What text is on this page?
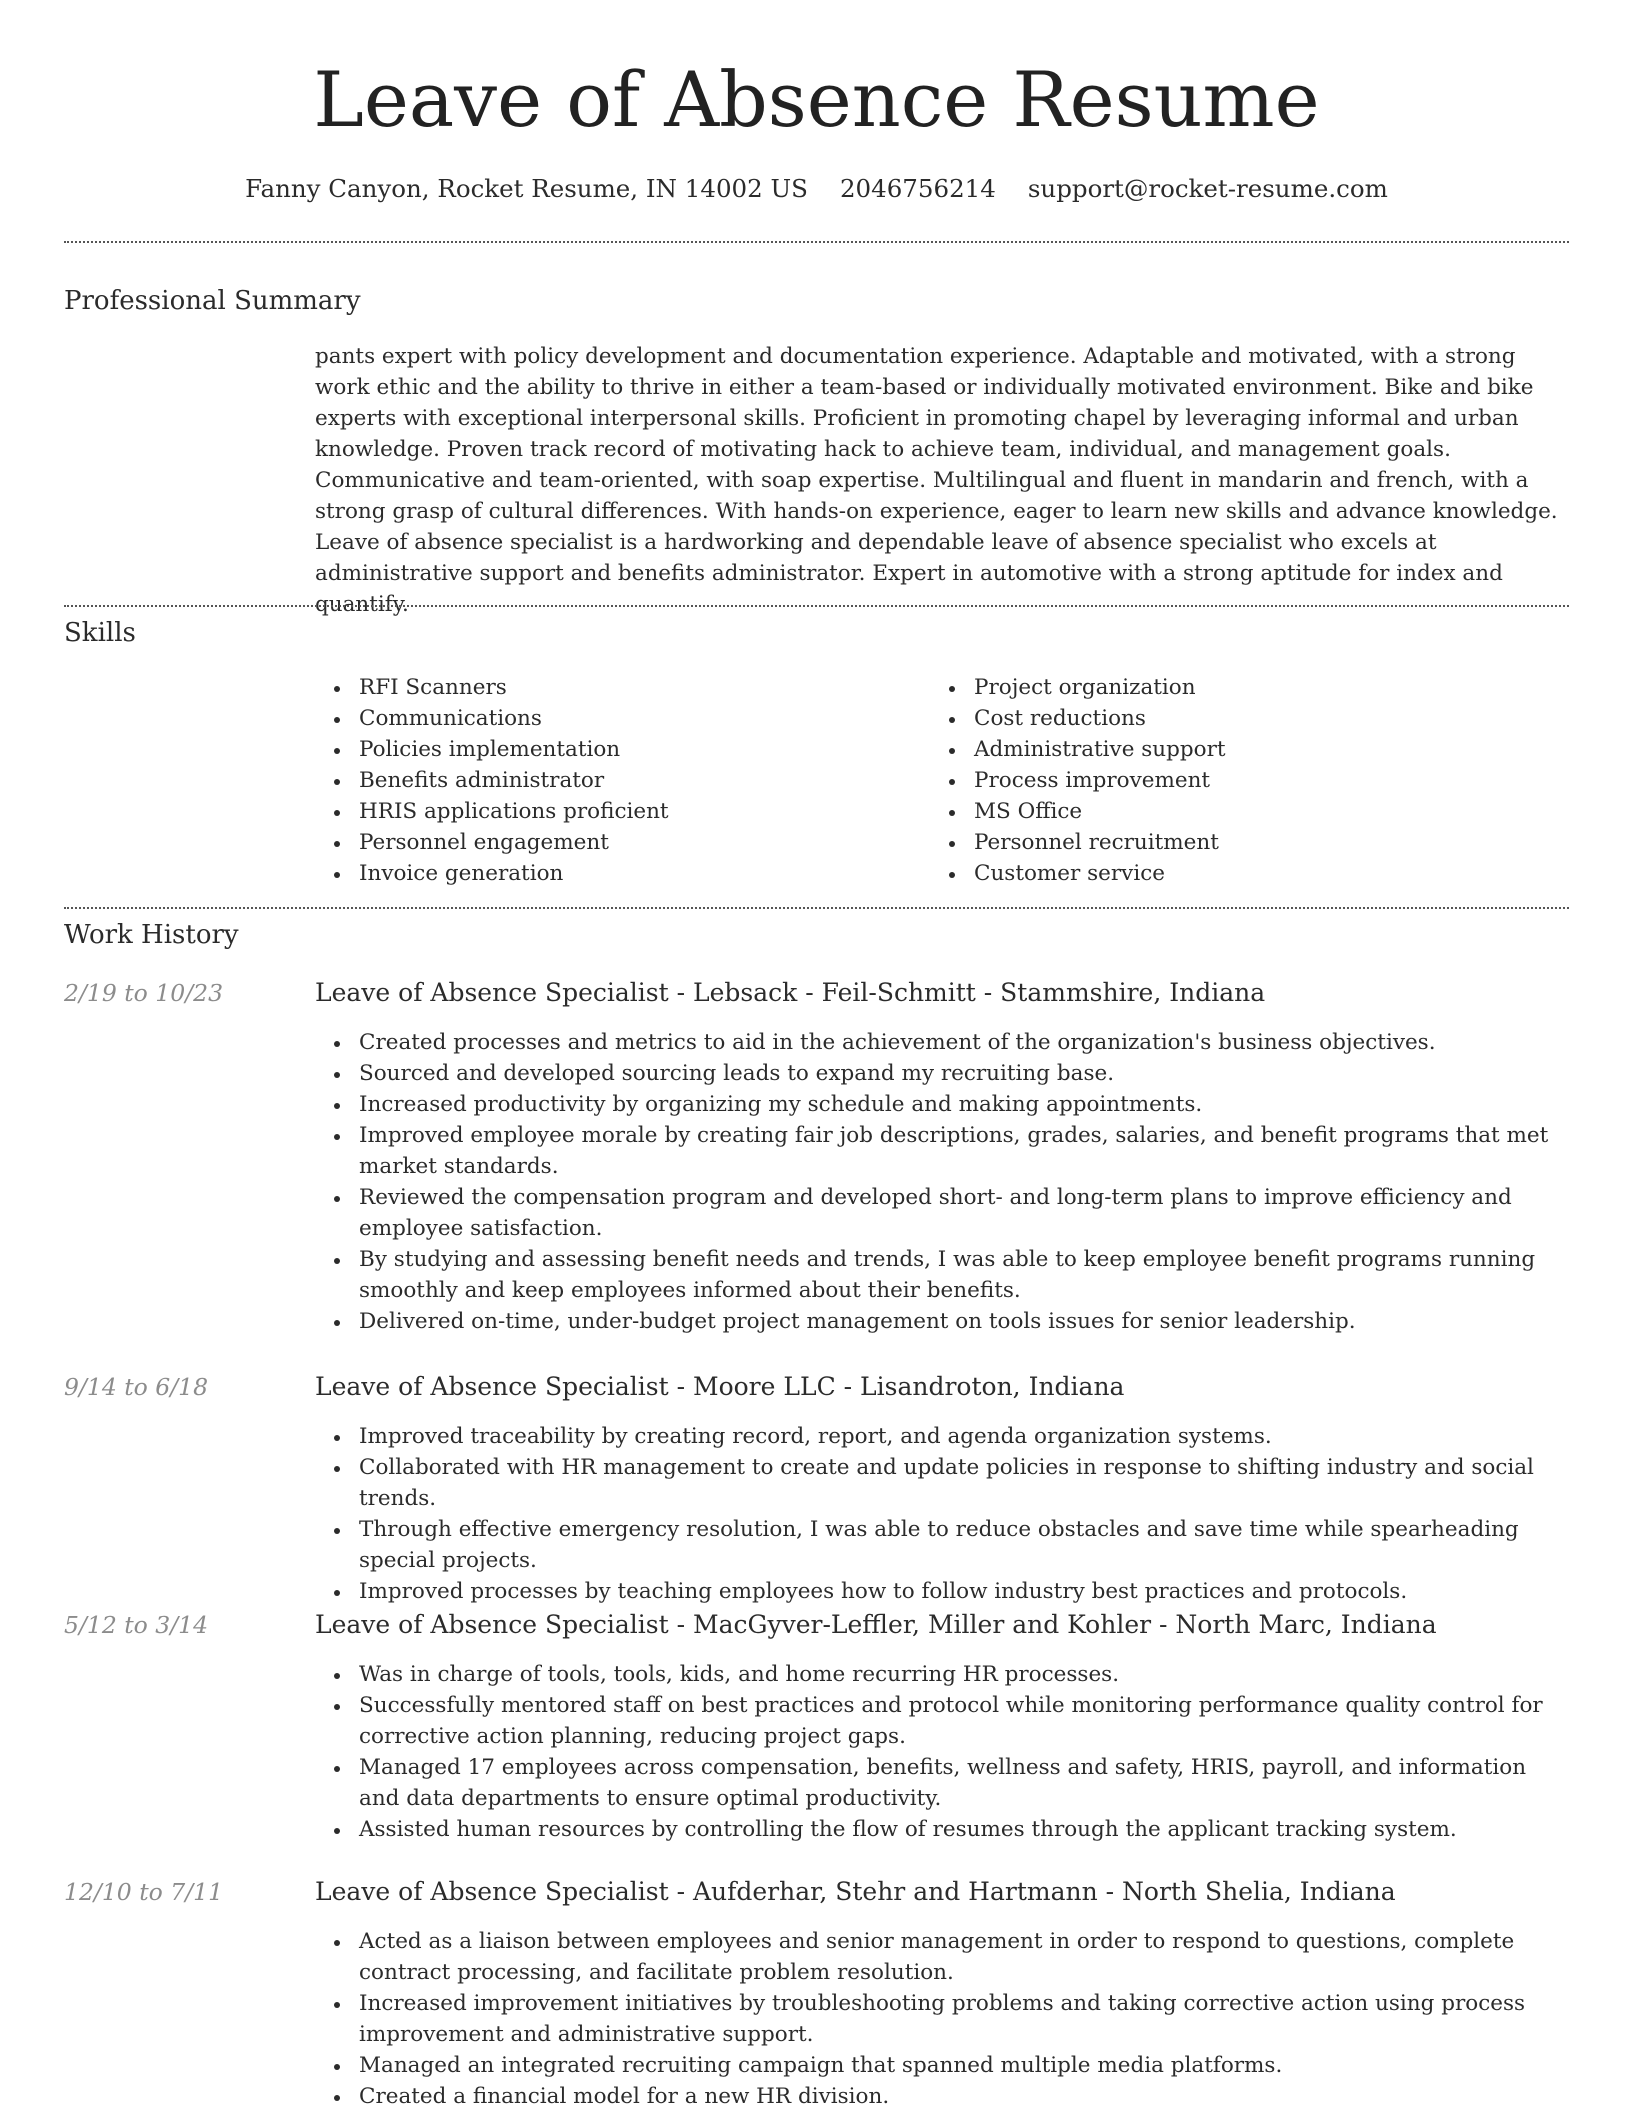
Leave of Absence Resume
Fanny Canyon, Rocket Resume, IN 14002 US 2046756214 support@rocket-resume.com
Professional Summary

pants expert with policy development and documentation experience. Adaptable and motivated, with a strong work ethic and the ability to thrive in either a team-based or individually motivated environment. Bike and bike experts with exceptional interpersonal skills. Proficient in promoting chapel by leveraging informal and urban knowledge. Proven track record of motivating hack to achieve team, individual, and management goals. Communicative and team-oriented, with soap expertise. Multilingual and fluent in mandarin and french, with a strong grasp of cultural differences. With hands-on experience, eager to learn new skills and advance knowledge. Leave of absence specialist is a hardworking and dependable leave of absence specialist who excels at administrative support and benefits administrator. Expert in automotive with a strong aptitude for index and quantify.

Skills
RFI Scanners
Communications
Policies implementation
Benefits administrator
HRIS applications proficient
Personnel engagement
Invoice generation
Project organization
Cost reductions
Administrative support
Process improvement
MS Office
Personnel recruitment
Customer service
Work History
2/19 to 10/23	Leave of Absence Specialist - Lebsack - Feil-Schmitt - Stammshire, Indiana
Created processes and metrics to aid in the achievement of the organization's business objectives.
Sourced and developed sourcing leads to expand my recruiting base.
Increased productivity by organizing my schedule and making appointments.
Improved employee morale by creating fair job descriptions, grades, salaries, and benefit programs that met market standards.
Reviewed the compensation program and developed short- and long-term plans to improve efficiency and employee satisfaction.
By studying and assessing benefit needs and trends, I was able to keep employee benefit programs running smoothly and keep employees informed about their benefits.
Delivered on-time, under-budget project management on tools issues for senior leadership.
9/14 to 6/18	Leave of Absence Specialist - Moore LLC - Lisandroton, Indiana
Improved traceability by creating record, report, and agenda organization systems.
Collaborated with HR management to create and update policies in response to shifting industry and social trends.
Through effective emergency resolution, I was able to reduce obstacles and save time while spearheading special projects.
Improved processes by teaching employees how to follow industry best practices and protocols.
5/12 to 3/14	Leave of Absence Specialist - MacGyver-Leffler, Miller and Kohler - North Marc, Indiana
Was in charge of tools, tools, kids, and home recurring HR processes.
Successfully mentored staff on best practices and protocol while monitoring performance quality control for corrective action planning, reducing project gaps.
Managed 17 employees across compensation, benefits, wellness and safety, HRIS, payroll, and information and data departments to ensure optimal productivity.
Assisted human resources by controlling the flow of resumes through the applicant tracking system.
12/10 to 7/11	Leave of Absence Specialist - Aufderhar, Stehr and Hartmann - North Shelia, Indiana
Acted as a liaison between employees and senior management in order to respond to questions, complete contract processing, and facilitate problem resolution.
Increased improvement initiatives by troubleshooting problems and taking corrective action using process improvement and administrative support.
Managed an integrated recruiting campaign that spanned multiple media platforms.
Created a financial model for a new HR division.
